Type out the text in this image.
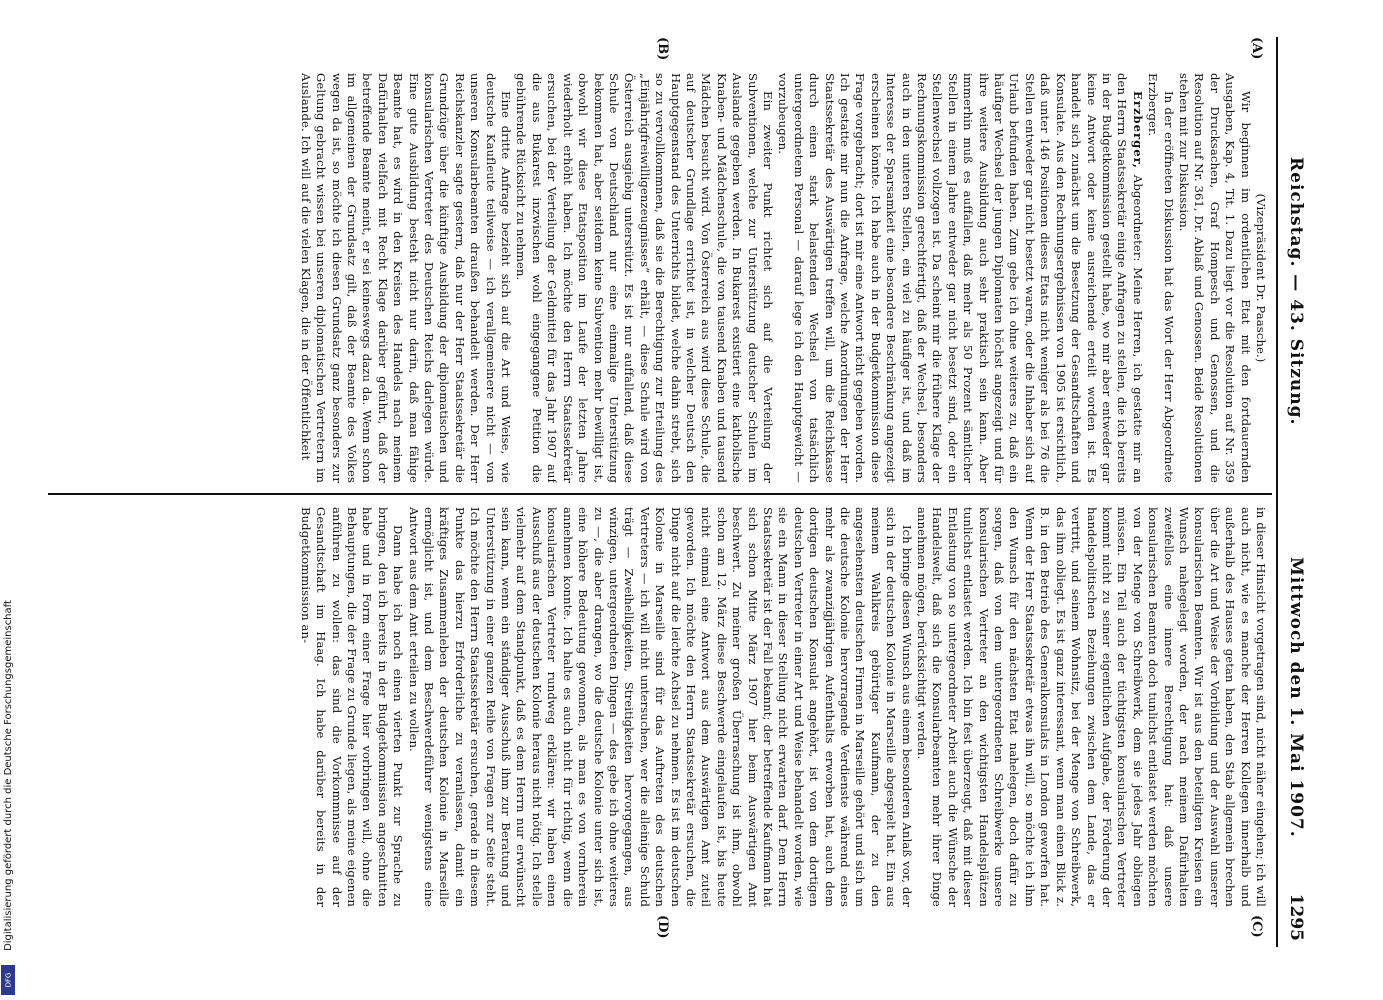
Reichstag. — 43. Sitzung.
Mittwoch den 1. Mai 1907.
1295
(A)
(B)
(C)
(D)

(Vizepräsident Dr. Paasche.)

Wir beginnen im ordentlichen Etat mit den fortdauernden Ausgaben, Kap. 4, Tit. 1. Dazu liegt vor die Resolution auf Nr. 359 der Drucksachen, Graf Hompesch und Genossen, und die Resolution auf Nr. 361, Dr. Ablaß und Genossen. Beide Resolutionen stehen mit zur Diskussion.

In der eröffneten Diskussion hat das Wort der Herr Abgeordnete Erzberger.

Erzberger, Abgeordneter: Meine Herren, ich gestatte mir an den Herrn Staatssekretär einige Anfragen zu stellen, die ich bereits in der Budgetkommission gestellt habe, wo mir aber entweder gar keine Antwort oder keine ausreichende erteilt worden ist. Es handelt sich zunächst um die Besetzung der Gesandtschaften und Konsulate. Aus den Rechnungsergebnissen von 1905 ist ersichtlich, daß unter 146 Positionen dieses Etats nicht weniger als bei 76 die Stellen entweder gar nicht besetzt waren, oder die Inhaber sich auf Urlaub befunden haben. Zum gebe ich ohne weiteres zu, daß ein häufiger Wechsel der jungen Diplomaten höchst angezeigt und für ihre weitere Ausbildung auch sehr praktisch sein kann. Aber immerhin muß es auffallen, daß mehr als 50 Prozent sämtlicher Stellen in einem Jahre entweder gar nicht besetzt sind, oder ein Stellenwechsel vollzogen ist. Da scheint mir die frühere Klage der Rechnungskommission gerechtfertigt, daß der Wechsel, besonders auch in den unteren Stellen, ein viel zu häufiger ist, und daß im Interesse der Sparsamkeit eine besondere Beschränkung angezeigt erscheinen könnte. Ich habe auch in der Budgetkommission diese Frage vorgebracht; dort ist mir eine Antwort nicht gegeben worden. Ich gestatte mir nun die Anfrage, welche Anordnungen der Herr Staatssekretär des Auswärtigen treffen will, um die Reichskasse durch einen stark belastenden Wechsel von tatsächlich untergeordnetem Personal — darauf lege ich den Hauptgewicht — vorzubeugen.

Ein zweiter Punkt richtet sich auf die Verteilung der Subventionen, welche zur Unterstützung deutscher Schulen im Auslande gegeben werden. In Bukarest existiert eine katholische Knaben- und Mädchenschule, die von tausend Knaben und tausend Mädchen besucht wird. Von Österreich aus wird diese Schule, die auf deutscher Grundlage errichtet ist, in welcher Deutsch den Hauptgegenstand des Unterrichts bildet, welche dahin strebt, sich so zu vervollkommnen, daß sie die Berechtigung zur Erteilung des „Einjährigfreiwilligenzeugnisses“ erhält, — diese Schule wird von Österreich ausgiebig unterstützt. Es ist nur auffallend, daß diese Schule von Deutschland nur eine einmalige Unterstützung bekommen hat, aber seitdem keine Subvention mehr bewilligt ist, obwohl wir diese Etatsposition im Laufe der letzten Jahre wiederholt erhöht haben. Ich möchte den Herrn Staatssekretär ersuchen, bei der Verteilung der Geldmittel für das Jahr 1907 auf die aus Bukarest inzwischen wohl eingegangene Petition die gebührende Rücksicht zu nehmen.

Eine dritte Anfrage bezieht sich auf die Art und Weise, wie deutsche Kaufleute teilweise — ich verallgemeinere nicht — von unseren Konsularbeamten draußen behandelt werden. Der Herr Reichskanzler sagte gestern, daß nur der Herr Staatssekretär die Grundzüge über die künftige Ausbildung der diplomatischen und konsularischen Vertreter des Deutschen Reichs darlegen würde. Eine gute Ausbildung besteht nicht nur darin, daß man fähige Beamte hat, es wird in den Kreisen des Handels nach meinem Dafürhalten vielfach mit Recht Klage darüber geführt, daß der betreffende Beamte meint, er sei keineswegs dazu da. Wenn schon im allgemeinen der Grundsatz gilt, daß der Beamte des Volkes wegen da ist, so möchte ich diesen Grundsatz ganz besonders zur Geltung gebracht wissen bei unseren diplomatischen Vertretern im Auslande. Ich will auf die vielen Klagen, die in der Öffentlichkeit

in dieser Hinsicht vorgetragen sind, nicht näher eingehen; ich will auch nicht, wie es manche der Herren Kollegen innerhalb und außerhalb des Hauses getan haben, den Stab allgemein brechen über die Art und Weise der Vorbildung und der Auswahl unserer konsularischen Beamten. Wir ist aus den beteiligten Kreisen ein Wunsch nahegelegt worden, der nach meinem Dafürhalten zweifellos eine innere Berechtigung hat: daß unsere konsularischen Beamten doch tunlichst entlastet werden möchten von der Menge von Schreibwerk, dem sie jedes Jahr obliegen müssen. Ein Teil auch der tüchtigsten konsularischen Vertreter kommt nicht zu seiner eigentlichen Aufgabe, der Förderung der handelspolitischen Beziehungen zwischen dem Lande, das er vertritt, und seinem Wohnsitz, bei der Menge von Schreibwerk, das ihm obliegt. Es ist ganz interessant, wenn man einen Blick z. B. in den Betrieb des Generalkonsulats in London geworfen hat. Wenn der Herr Staatssekretär etwas ihn will, so möchte ich ihm den Wunsch für den nächsten Etat nahelegen, doch dafür zu sorgen, daß von dem untergeordneten Schreibwerke unsere konsularischen Vertreter an den wichtigsten Handelsplätzen tunlichst entlastet werden. Ich bin fest überzeugt, daß mit dieser Entlastung von so untergeordneter Arbeit auch die Wünsche der Handelswelt, daß sich die Konsularbeamten mehr ihrer Dinge annehmen mögen, berücksichtigt werden.

Ich bringe diesen Wunsch aus einem besonderen Anlaß vor, der sich in der deutschen Kolonie in Marseille abgespielt hat. Ein aus meinem Wahlkreis gebürtiger Kaufmann, der zu den angesehensten deutschen Firmen in Marseille gehört und sich um die deutsche Kolonie hervorragende Verdienste während eines mehr als zwanzigjährigen Aufenthalts erworben hat, auch dem dortigen deutschen Konsulat angehört, ist von dem dortigen deutschen Vertreter in einer Art und Weise behandelt worden, wie sie ein Mann in dieser Stellung nicht erwarten darf. Dem Herrn Staatssekretär ist der Fall bekannt; der betreffende Kaufmann hat sich schon Mitte März 1907 hier beim Auswärtigen Amt beschwert. Zu meiner großen Überraschung ist ihm, obwohl schon am 12. März diese Beschwerde eingelaufen ist, bis heute nicht einmal eine Antwort aus dem Auswärtigen Amt zuteil geworden. Ich möchte den Herrn Staatssekretär ersuchen, die Dinge nicht auf die leichte Achsel zu nehmen. Es ist im deutschen Kolonie in Marseille sind für das Auftreten des deutschen Vertreters — ich will nicht untersuchen, wer die alleinige Schuld trägt — Zweihelligkeiten, Streitigkeiten hervorgegangen, aus winzigen, untergeordneten Dingen — des gebe ich ohne weiteres zu —, die aber drangen, wo die deutsche Kolonie unter sich ist, eine höhere Bedeutung gewonnen, als man es von vornherein annehmen konnte. Ich halte es auch nicht für richtig, wenn die konsularischen Vertreter rundweg erklären: wir haben einen Ausschuß aus der deutschen Kolonie heraus nicht nötig. Ich stelle vielmehr auf dem Standpunkt, daß es dem Herrn nur erwünscht sein kann, wenn ein ständiger Ausschuß ihm zur Beratung und Unterstützung in einer ganzen Reihe von Fragen zur Seite steht. Ich möchte den Herrn Staatssekretär ersuchen, gerade in diesem Punkte das hierzu Erforderliche zu veranlassen, damit ein kräftiges Zusammenleben der deutschen Kolonie in Marseille ermöglicht ist, und dem Beschwerdeführer wenigstens eine Antwort aus dem Amt erteilen zu wollen.

Dann habe ich noch einen vierten Punkt zur Sprache zu bringen, den ich bereits in der Budgetkommission angeschnitten habe und in Form einer Frage hier vorbringen will, ohne die Behauptungen, die der Frage zu Grunde liegen, als meine eigenen anführen zu wollen: das sind die Vorkommnisse auf der Gesandtschaft im Haag. Ich habe darüber bereits in der Budgetkommission an-

Digitalisierung gefördert durch die Deutsche Forschungsgemeinschaft
DFG
